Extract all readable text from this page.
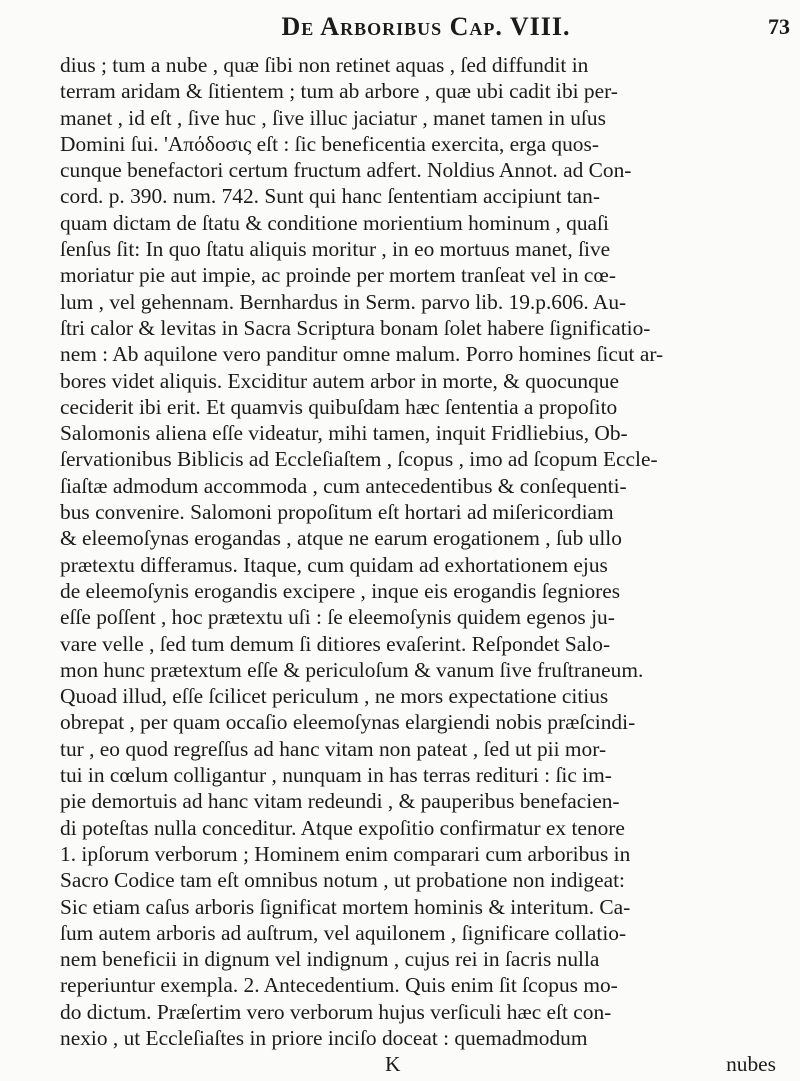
De Arboribus Cap. VIII.	73
dius ; tum a nube , quæ ſibi non retinet aquas , ſed diffundit in
terram aridam & ſitientem ; tum ab arbore , quæ ubi cadit ibi per-
manet , id eſt , ſive huc , ſive illuc jaciatur , manet tamen in uſus
Domini ſui. 'Aπόδοσις eſt : ſic beneficentia exercita, erga quos-
cunque benefactori certum fructum adfert. Noldius Annot. ad Con-
cord. p. 390. num. 742. Sunt qui hanc ſententiam accipiunt tan-
quam dictam de ſtatu & conditione morientium hominum , quaſi
ſenſus ſit: In quo ſtatu aliquis moritur , in eo mortuus manet, ſive
moriatur pie aut impie, ac proinde per mortem tranſeat vel in cœ-
lum , vel gehennam. Bernhardus in Serm. parvo lib. 19.p.606. Au-
ſtri calor & levitas in Sacra Scriptura bonam ſolet habere ſignificatio-
nem : Ab aquilone vero panditur omne malum. Porro homines ſicut ar-
bores videt aliquis. Exciditur autem arbor in morte, & quocunque
ceciderit ibi erit. Et quamvis quibuſdam hæc ſententia a propoſito
Salomonis aliena eſſe videatur, mihi tamen, inquit Fridliebius, Ob-
ſervationibus Biblicis ad Eccleſiaſtem , ſcopus , imo ad ſcopum Eccle-
ſiaſtæ admodum accommoda , cum antecedentibus & conſequenti-
bus convenire. Salomoni propoſitum eſt hortari ad miſericordiam
& eleemoſynas erogandas , atque ne earum erogationem , ſub ullo
prætextu differamus. Itaque, cum quidam ad exhortationem ejus
de eleemoſynis erogandis excipere , inque eis erogandis ſegniores
eſſe poſſent , hoc prætextu uſi : ſe eleemoſynis quidem egenos ju-
vare velle , ſed tum demum ſi ditiores evaſerint. Reſpondet Salo-
mon hunc prætextum eſſe & periculoſum & vanum ſive fruſtraneum.
Quoad illud, eſſe ſcilicet periculum , ne mors expectatione citius
obrepat , per quam occaſio eleemoſynas elargiendi nobis præſcindi-
tur , eo quod regreſſus ad hanc vitam non pateat , ſed ut pii mor-
tui in cœlum colligantur , nunquam in has terras redituri : ſic im-
pie demortuis ad hanc vitam redeundi , & pauperibus benefacien-
di poteſtas nulla conceditur. Atque expoſitio confirmatur ex tenore
1. ipſorum verborum ; Hominem enim comparari cum arboribus in
Sacro Codice tam eſt omnibus notum , ut probatione non indigeat:
Sic etiam caſus arboris ſignificat mortem hominis & interitum. Ca-
ſum autem arboris ad auſtrum, vel aquilonem , ſignificare collatio-
nem beneficii in dignum vel indignum , cujus rei in ſacris nulla
reperiuntur exempla. 2. Antecedentium. Quis enim ſit ſcopus mo-
do dictum. Præſertim vero verborum hujus verſiculi hæc eſt con-
nexio , ut Eccleſiaſtes in priore inciſo doceat : quemadmodum
K	nubes
